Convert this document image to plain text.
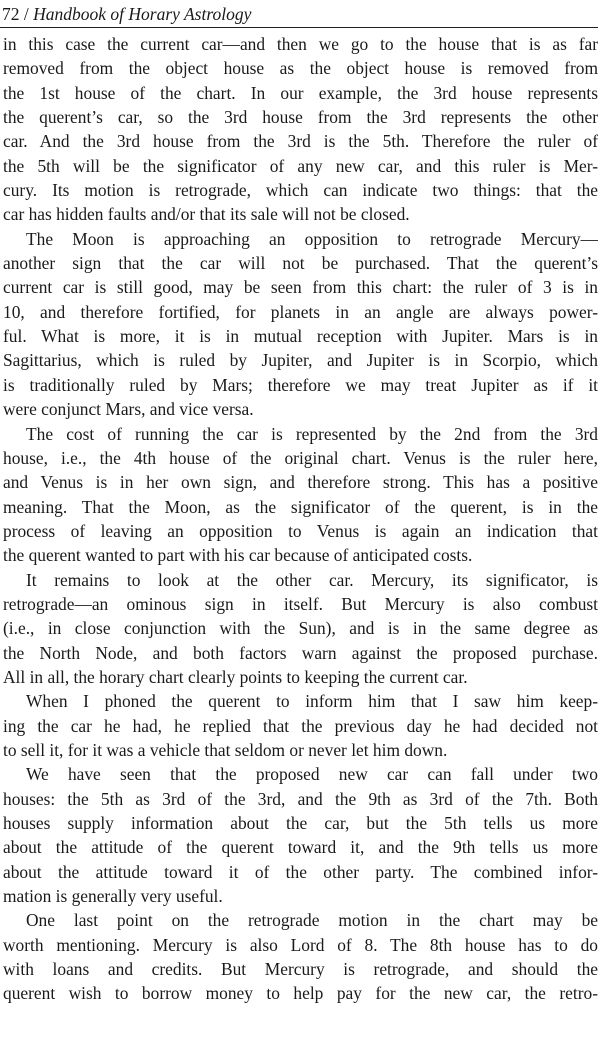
72 / Handbook of Horary Astrology

in this case the current car—and then we go to the house that is as far
removed from the object house as the object house is removed from
the 1st house of the chart. In our example, the 3rd house represents
the querent’s car, so the 3rd house from the 3rd represents the other
car. And the 3rd house from the 3rd is the 5th. Therefore the ruler of
the 5th will be the significator of any new car, and this ruler is Mer-
cury. Its motion is retrograde, which can indicate two things: that the
car has hidden faults and/or that its sale will not be closed.

The Moon is approaching an opposition to retrograde Mercury—
another sign that the car will not be purchased. That the querent’s
current car is still good, may be seen from this chart: the ruler of 3 is in
10, and therefore fortified, for planets in an angle are always power-
ful. What is more, it is in mutual reception with Jupiter. Mars is in
Sagittarius, which is ruled by Jupiter, and Jupiter is in Scorpio, which
is traditionally ruled by Mars; therefore we may treat Jupiter as if it
were conjunct Mars, and vice versa.

The cost of running the car is represented by the 2nd from the 3rd
house, i.e., the 4th house of the original chart. Venus is the ruler here,
and Venus is in her own sign, and therefore strong. This has a positive
meaning. That the Moon, as the significator of the querent, is in the
process of leaving an opposition to Venus is again an indication that
the querent wanted to part with his car because of anticipated costs.

It remains to look at the other car. Mercury, its significator, is
retrograde—an ominous sign in itself. But Mercury is also combust
(i.e., in close conjunction with the Sun), and is in the same degree as
the North Node, and both factors warn against the proposed purchase.
All in all, the horary chart clearly points to keeping the current car.

When I phoned the querent to inform him that I saw him keep-
ing the car he had, he replied that the previous day he had decided not
to sell it, for it was a vehicle that seldom or never let him down.

We have seen that the proposed new car can fall under two
houses: the 5th as 3rd of the 3rd, and the 9th as 3rd of the 7th. Both
houses supply information about the car, but the 5th tells us more
about the attitude of the querent toward it, and the 9th tells us more
about the attitude toward it of the other party. The combined infor-
mation is generally very useful.

One last point on the retrograde motion in the chart may be
worth mentioning. Mercury is also Lord of 8. The 8th house has to do
with loans and credits. But Mercury is retrograde, and should the
querent wish to borrow money to help pay for the new car, the retro-
